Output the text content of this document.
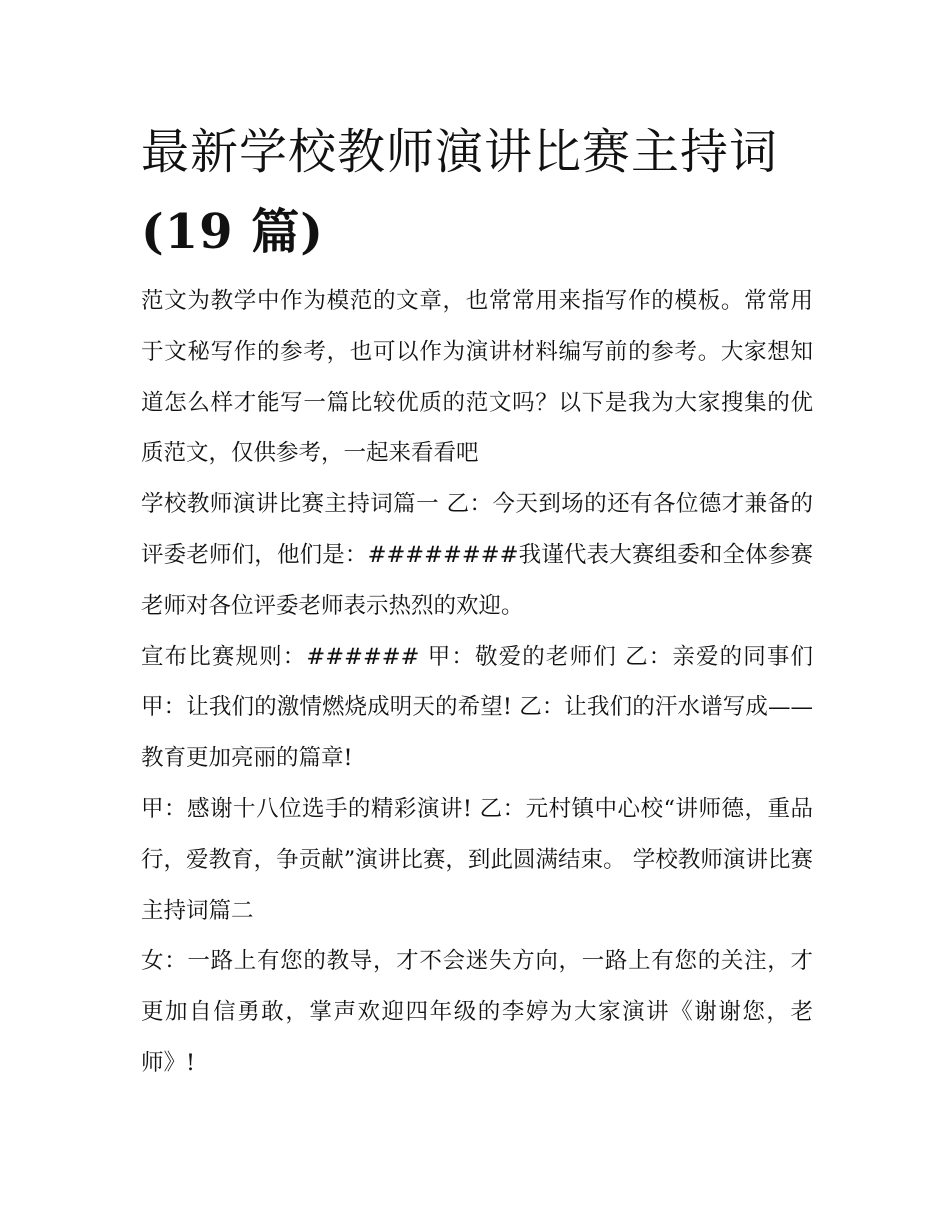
最新学校教师演讲比赛主持词
(19 篇)

范文为教学中作为模范的文章，也常常用来指写作的模板。常常用于文秘写作的参考，也可以作为演讲材料编写前的参考。大家想知道怎么样才能写一篇比较优质的范文吗？以下是我为大家搜集的优质范文，仅供参考，一起来看看吧

学校教师演讲比赛主持词篇一 乙：今天到场的还有各位德才兼备的评委老师们，他们是：########我谨代表大赛组委和全体参赛老师对各位评委老师表示热烈的欢迎。

宣布比赛规则：###### 甲：敬爱的老师们 乙：亲爱的同事们 甲：让我们的激情燃烧成明天的希望! 乙：让我们的汗水谱写成——教育更加亮丽的篇章!

甲：感谢十八位选手的精彩演讲! 乙：元村镇中心校“讲师德，重品行，爱教育，争贡献”演讲比赛，到此圆满结束。 学校教师演讲比赛主持词篇二

女：一路上有您的教导，才不会迷失方向，一路上有您的关注，才更加自信勇敢，掌声欢迎四年级的李婷为大家演讲《谢谢您，老师》!
